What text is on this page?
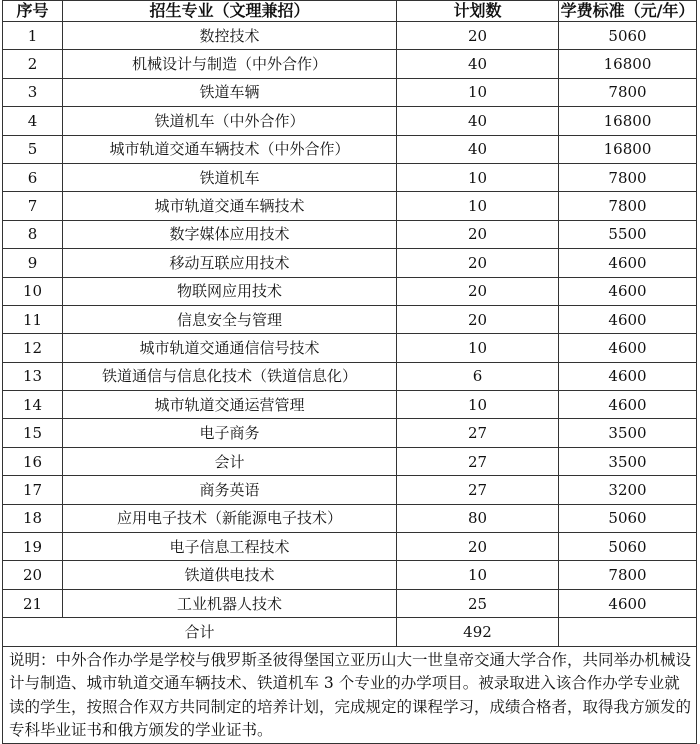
序号	招生专业（文理兼招）	计划数	学费标准（元/年）
1	数控技术	20	5060
2	机械设计与制造（中外合作）	40	16800
3	铁道车辆	10	7800
4	铁道机车（中外合作）	40	16800
5	城市轨道交通车辆技术（中外合作）	40	16800
6	铁道机车	10	7800
7	城市轨道交通车辆技术	10	7800
8	数字媒体应用技术	20	5500
9	移动互联应用技术	20	4600
10	物联网应用技术	20	4600
11	信息安全与管理	20	4600
12	城市轨道交通通信信号技术	10	4600
13	铁道通信与信息化技术（铁道信息化）	6	4600
14	城市轨道交通运营管理	10	4600
15	电子商务	27	3500
16	会计	27	3500
17	商务英语	27	3200
18	应用电子技术（新能源电子技术）	80	5060
19	电子信息工程技术	20	5060
20	铁道供电技术	10	7800
21	工业机器人技术	25	4600
合计		492	
说明：中外合作办学是学校与俄罗斯圣彼得堡国立亚历山大一世皇帝交通大学合作，共同举办机械设计与制造、城市轨道交通车辆技术、铁道机车 3 个专业的办学项目。被录取进入该合作办学专业就读的学生，按照合作双方共同制定的培养计划，完成规定的课程学习，成绩合格者，取得我方颁发的专科毕业证书和俄方颁发的学业证书。			
